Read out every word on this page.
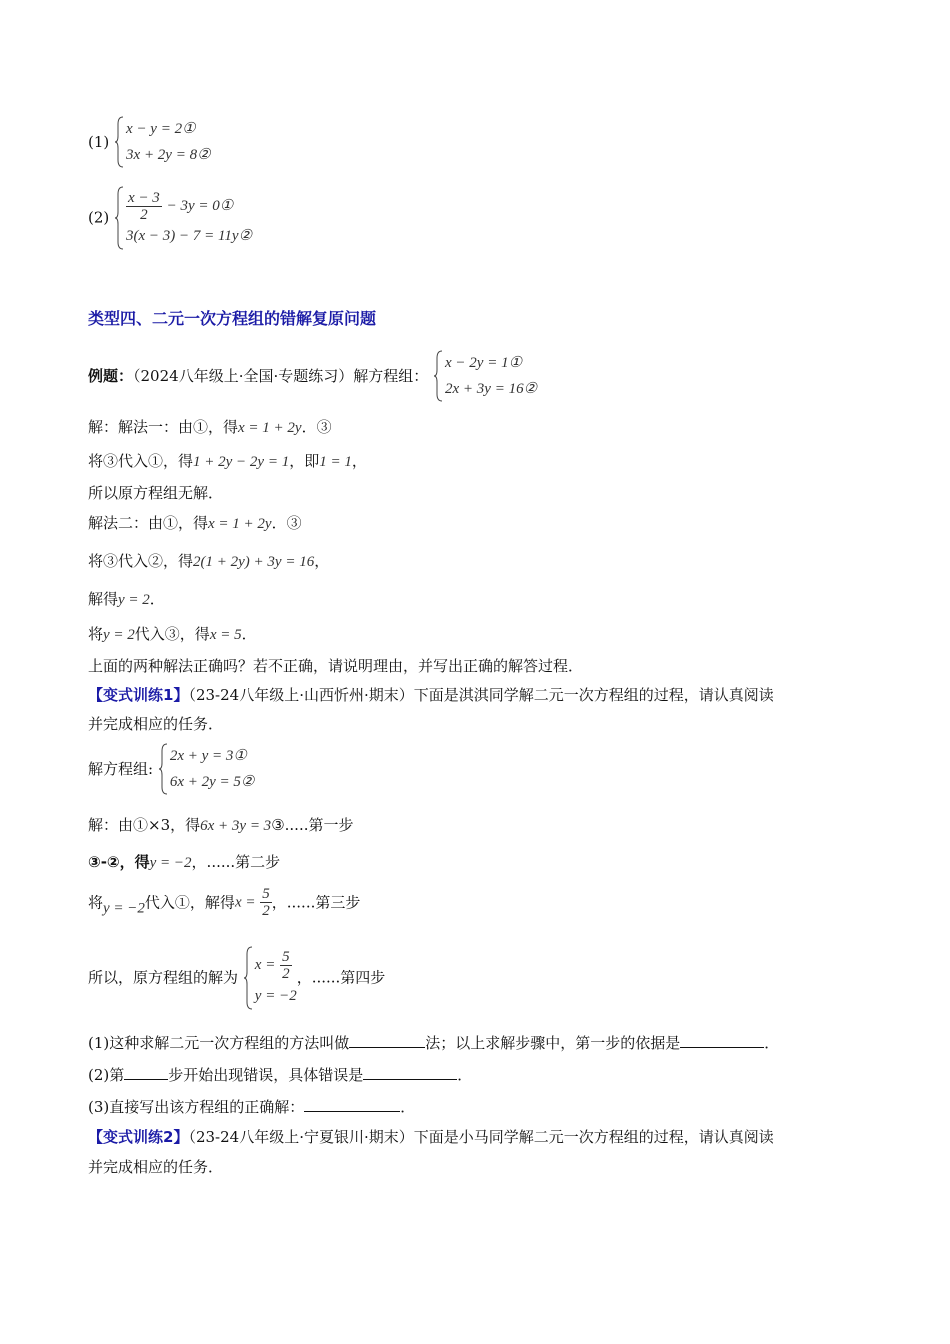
(1)
x − y = 2①
3x + 2y = 8②
$(2) \frac{x - 3}{2} - 3y$ = 0①
3(x − 3) − 7 = 11y②
类型四、二元一次方程组的错解复原问题
例题：（2024八年级上·全国·专题练习）解方程组：
x − 2y = 1①
2x + 3y = 16②
解：解法一：由①，得x = 1 + 2y．③
将③代入①，得1 + 2y − 2y = 1，即1 = 1，
所以原方程组无解．
解法二：由①，得x = 1 + 2y．③
将③代入②，得2(1 + 2y) + 3y = 16，
解得y = 2．
将y = 2代入③，得x = 5．
上面的两种解法正确吗？若不正确，请说明理由，并写出正确的解答过程．
【变式训练1】（23-24八年级上·山西忻州·期末）下面是淇淇同学解二元一次方程组的过程，请认真阅读
并完成相应的任务．
解方程组:
2x + y = 3①
6x + 2y = 5②
解：由①×3，得6x + 3y = 3③.....第一步
③-②，得y = −2，......第二步
将y = −2代入①，解得$x = \frac{5}{2}$ ，......第三步
所以，原方程组的解为
$x = \frac{5}{2}$
y = −2
，......第四步
(1)这种求解二元一次方程组的方法叫做	法；以上求解步骤中，第一步的依据是	．
(2)第	步开始出现错误，具体错误是	．
(3)直接写出该方程组的正确解：	．
【变式训练2】（23-24八年级上·宁夏银川·期末）下面是小马同学解二元一次方程组的过程，请认真阅读
并完成相应的任务．
